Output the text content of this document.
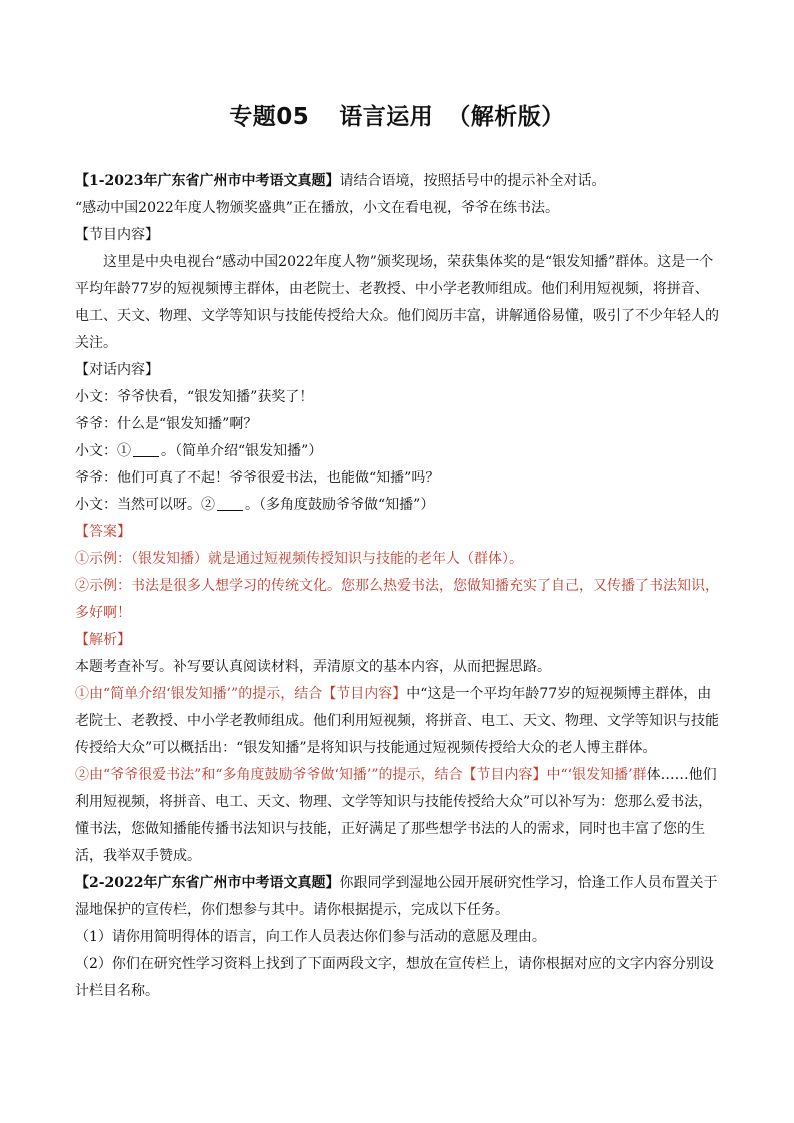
专题05 语言运用 （解析版）

【1-2023年广东省广州市中考语文真题】请结合语境，按照括号中的提示补全对话。

“感动中国2022年度人物颁奖盛典”正在播放，小文在看电视，爷爷在练书法。

【节目内容】

这里是中央电视台“感动中国2022年度人物”颁奖现场，荣获集体奖的是“银发知播”群体。这是一个平均年龄77岁的短视频博主群体，由老院士、老教授、中小学老教师组成。他们利用短视频，将拼音、电工、天文、物理、文学等知识与技能传授给大众。他们阅历丰富，讲解通俗易懂，吸引了不少年轻人的关注。

【对话内容】

小文：爷爷快看，“银发知播”获奖了！

爷爷：什么是“银发知播”啊？

小文：① 。（简单介绍“银发知播”）

爷爷：他们可真了不起！爷爷很爱书法，也能做“知播”吗？

小文：当然可以呀。② 。（多角度鼓励爷爷做“知播”）

【答案】

①示例：（银发知播）就是通过短视频传授知识与技能的老年人（群体）。

②示例：书法是很多人想学习的传统文化。您那么热爱书法，您做知播充实了自己，又传播了书法知识，多好啊！

【解析】

本题考查补写。补写要认真阅读材料，弄清原文的基本内容，从而把握思路。

①由“简单介绍‘银发知播’”的提示，结合【节目内容】中“这是一个平均年龄77岁的短视频博主群体，由老院士、老教授、中小学老教师组成。他们利用短视频，将拼音、电工、天文、物理、文学等知识与技能传授给大众”可以概括出：“银发知播”是将知识与技能通过短视频传授给大众的老人博主群体。

②由“爷爷很爱书法”和“多角度鼓励爷爷做‘知播’”的提示，结合【节目内容】中“‘银发知播’群体……他们利用短视频，将拼音、电工、天文、物理、文学等知识与技能传授给大众”可以补写为：您那么爱书法，懂书法，您做知播能传播书法知识与技能，正好满足了那些想学书法的人的需求，同时也丰富了您的生活，我举双手赞成。

【2-2022年广东省广州市中考语文真题】你跟同学到湿地公园开展研究性学习，恰逢工作人员布置关于湿地保护的宣传栏，你们想参与其中。请你根据提示，完成以下任务。

（1）请你用简明得体的语言，向工作人员表达你们参与活动的意愿及理由。

（2）你们在研究性学习资料上找到了下面两段文字，想放在宣传栏上，请你根据对应的文字内容分别设计栏目名称。
